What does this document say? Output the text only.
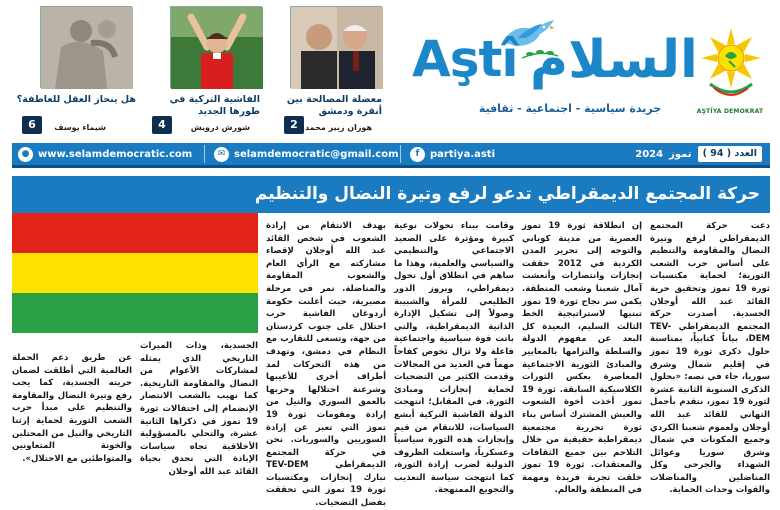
AŞTÎYA DEMOKRAT
Aştî السلام
جريدة سياسية - اجتماعية - ثقافية
معضلة المصالحة بين أنقرة ودمشق
2 هوزان زبير محمد
الفاشية التركية في طورها الجديد
4	شورش درويش
هل ينحاز العقل للعاطفة؟
6	شيماء يوسف
● www.selamdemocratic.com	✉ selamdemocratic@gmail.com	f	partiya.asti	العدد ( 94 )
تموز
2024
حركة المجتمع الديمقراطي تدعو لرفع وتيرة النضال والتنظيم

دعت حركة المجتمع الديمقراطي لرفع وتيرة النضال والمقاومة والتنظيم على أساس حرب الشعب الثورية؛ لحماية مكتسبات ثورة 19 تموز وتحقيق حرية القائد عبد الله أوجلان الجسدية. أصدرت حركة المجتمع الديمقراطي TEV-DEM، بياناً كتابياً، بمناسبة حلول ذكرى ثورة 19 تموز في إقليم شمال وشرق سوريا، جاء في نصه: «بحلول الذكرى السنوية الثانية عشرة لثورة 19 تموز، نتقدم بأجمل التهاني للقائد عبد الله أوجلان ولعموم شعبنا الكردي وجميع المكونات في شمال وشرق سوريا وعوائل الشهداء والجرحى وكل المناضلين والمناضلات والقوات وحدات الحماية.

إن انطلاقة ثورة 19 تموز العصرية من مدينة كوباني والتوجه إلى تحرير المدن الكردية في 2012 حققت إنجازات وانتصارات وأنعشت آمال شعبنا وشعب المنطقة. يكمن سر نجاح ثورة 19 تموز تبنيها لاستراتيجية الخط الثالث السليم، البعيدة كل البعد عن مفهوم الدولة والسلطة والتزامها بالمعايير والمبادئ الثورية الاجتماعية المعاصرة بعكس الثورات الكلاسيكية السابقة. ثورة 19 تموز أخذت أخوة الشعوب والعيش المشترك أساس بناء ثورة تحررية مجتمعية ديمقراطية حقيقية من خلال التلاحم بين جميع الثقافات والمعتقدات. ثورة 19 تموز خلقت تجربة فريدة ومهمة في المنطقة والعالم.

وقامت ببناء تحولات نوعية كبيرة ومؤثرة على الصعيد الاجتماعي والتنظيمي والسياسي والعلمية، وهذا ما ساهم في انطلاق أول تحول ديمقراطي، وبروز الدور الطليعي للمرأة والشبيبة وصولاً إلى تشكيل الإدارة الذاتية الديمقراطية، والتي باتت قوة سياسية واجتماعية فاعلة ولا تزال تخوض كفاحاً مهماً في العديد من المجالات وقدمت الكثير من التضحيات لحماية إنجازات ومبادئ الثورة. في المقابل؛ انتهجت الدولة الفاشية التركية أبشع السياسات، للانتقام من قيم وإنجازات هذه الثورة سياسياً وعسكرياً، واستغلت الظروف الدولية لضرب إرادة الثورة، كما انتهجت سياسة التعذيب والتجويع الممنهجة.

بهدف الانتقام من إرادة الشعوب في شخص القائد عبد الله أوجلان لإقصاء مشاركته مع الرأي العام والشعوب المقاومة والمناضلة. نمر في مرحلة مصيرية، حيث أعلنت حكومة أردوغان الفاشية حرب احتلال على جنوب كردستان من جهة، وتسعى للتقارب مع النظام في دمشق، وتهدف من هذه التحركات لمد أطراف أخرى للأعيبها وشرعنة احتلالها وحربها بالعمق السوري والنيل من إرادة ومقومات ثورة 19 تموز التي تعبر عن إرادة السوريين والسوريات. نحن في حركة المجتمع الديمقراطي TEV-DEM نبارك إنجازات ومكتسبات ثورة 19 تموز التي تحققت بفضل التضحيات.

الجسدية، وذات الميراث التاريخي الذي يمثله لمشاركات الأعوام من النضال والمقاومة التاريخية. كما نهيب بالشعب الانتصار الإنضمام إلى احتفالات ثورة 19 تموز في ذكراها الثانية عشرة، والتحلي بالمسؤولية الأخلاقية تجاه سياسات الإبادة التي تحدق بحياة القائد عبد الله أوجلان

عن طريق دعم الحملة العالمية التي أطلقت لضمان حريته الجسدية، كما يجب رفع وتيرة النضال والمقاومة والتنظيم على مبدأ حرب الشعب الثورية لحماية إرثنا التاريخي والنيل من المحتلين والخونة المتعاونين والمتواطئين مع الاحتلال».
